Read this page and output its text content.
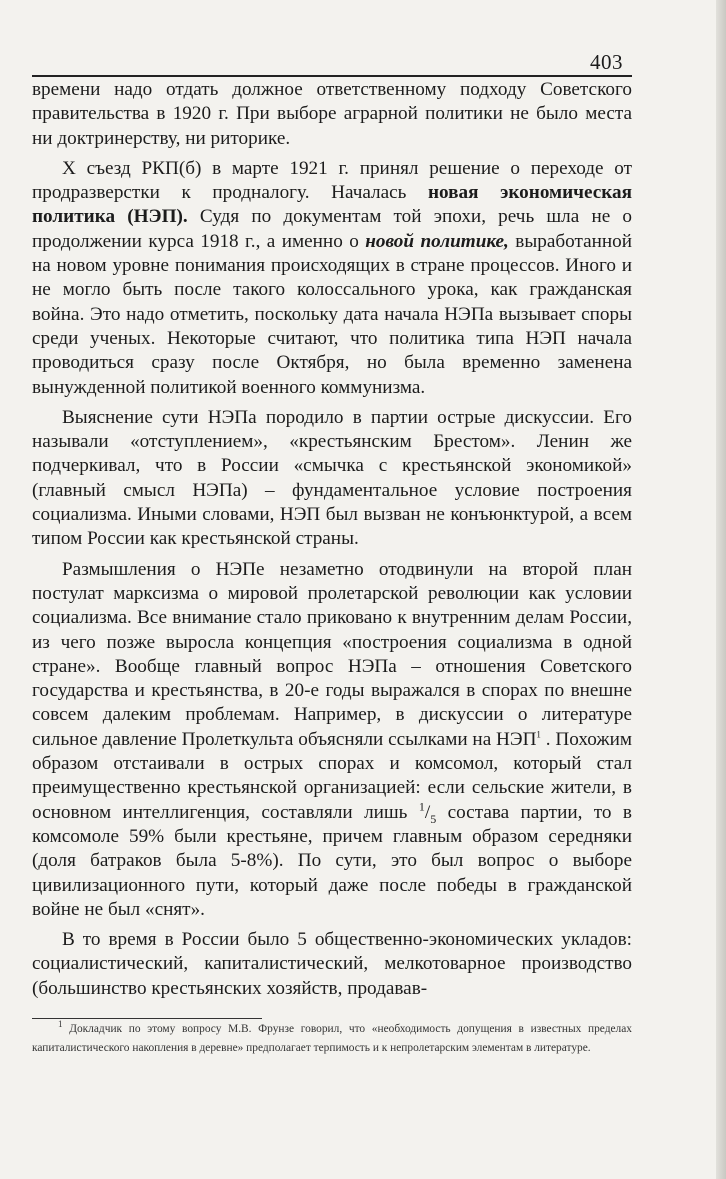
403

времени надо отдать должное ответственному подходу Советского правительства в 1920 г. При выборе аграрной политики не было места ни доктринерству, ни риторике.

X съезд РКП(б) в марте 1921 г. принял решение о переходе от продразверстки к продналогу. Началась новая экономическая политика (НЭП). Судя по документам той эпохи, речь шла не о продолжении курса 1918 г., а именно о новой политике, выработанной на новом уровне понимания происходящих в стране процессов. Иного и не могло быть после такого колоссального урока, как гражданская война. Это надо отметить, поскольку дата начала НЭПа вызывает споры среди ученых. Некоторые считают, что политика типа НЭП начала проводиться сразу после Октября, но была временно заменена вынужденной политикой военного коммунизма.

Выяснение сути НЭПа породило в партии острые дискуссии. Его называли «отступлением», «крестьянским Брестом». Ленин же подчеркивал, что в России «смычка с крестьянской экономикой» (главный смысл НЭПа) – фундаментальное условие построения социализма. Иными словами, НЭП был вызван не конъюнктурой, а всем типом России как крестьянской страны.

Размышления о НЭПе незаметно отодвинули на второй план постулат марксизма о мировой пролетарской революции как условии социализма. Все внимание стало приковано к внутренним делам России, из чего позже выросла концепция «построения социализма в одной стране». Вообще главный вопрос НЭПа – отношения Советского государства и крестьянства, в 20-е годы выражался в спорах по внешне совсем далеким проблемам. Например, в дискуссии о литературе сильное давление Пролеткульта объясняли ссылками на НЭП$^1$ . Похожим образом отстаивали в острых спорах и комсомол, который стал преимущественно крестьянской организацией: если сельские жители, в основном интеллигенция, составляли лишь $^1/_5$ состава партии, то в комсомоле 59% были крестьяне, причем главным образом середняки (доля батраков была 5-8%). По сути, это был вопрос о выборе цивилизационного пути, который даже после победы в гражданской войне не был «снят».

В то время в России было 5 общественно-экономических укладов: социалистический, капиталистический, мелкотоварное производство (большинство крестьянских хозяйств, продавав-

$^1$ Докладчик по этому вопросу М.В. Фрунзе говорил, что «необходимость допущения в известных пределах капиталистического накопления в деревне» предполагает терпимость и к непролетарским элементам в литературе.
